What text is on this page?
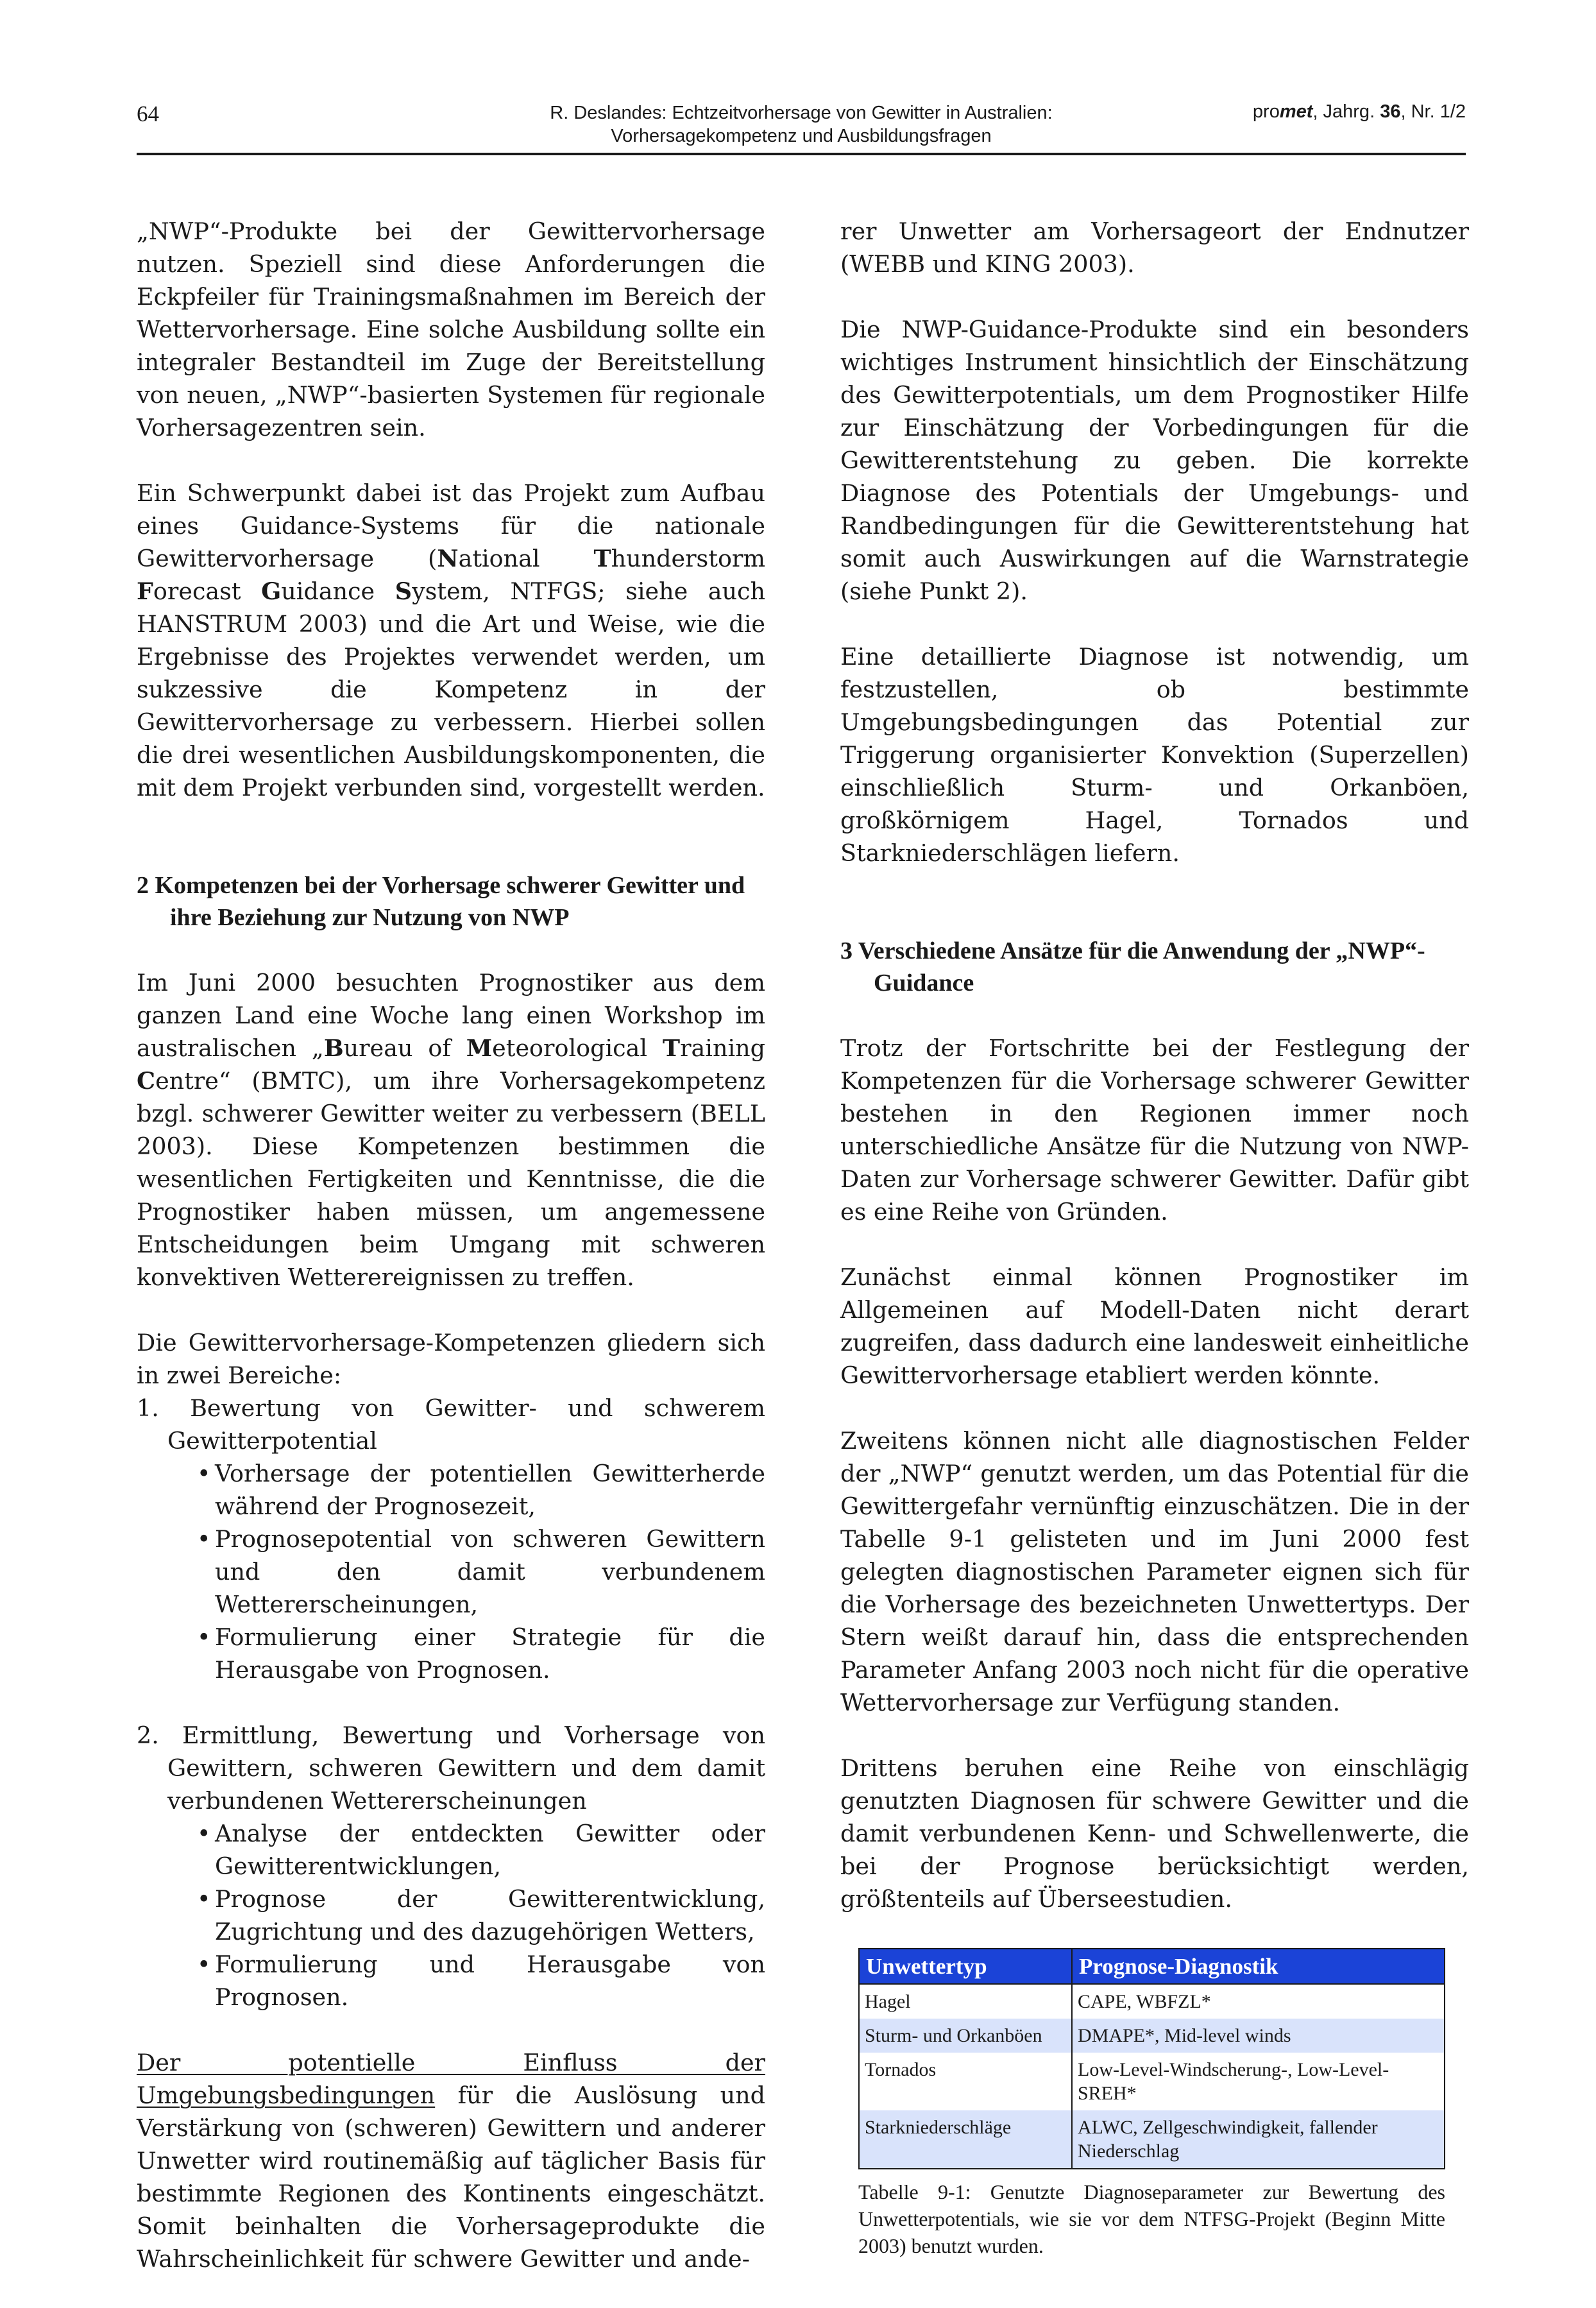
64	R. Deslandes: Echtzeitvorhersage von Gewitter in Australien:
Vorhersagekompetenz und Ausbildungsfragen
promet, Jahrg. 36, Nr. 1/2

„NWP“-Produkte bei der Gewittervorhersage nutzen. Speziell sind diese Anforderungen die Eckpfeiler für Trainingsmaßnahmen im Bereich der Wettervorhersage. Eine solche Ausbildung sollte ein integraler Bestandteil im Zuge der Bereitstellung von neuen, „NWP“-basierten Systemen für regionale Vorhersagezentren sein.

Ein Schwerpunkt dabei ist das Projekt zum Aufbau eines Guidance-Systems für die nationale Gewittervorhersage (National Thunderstorm Forecast Guidance System, NTFGS; siehe auch HANSTRUM 2003) und die Art und Weise, wie die Ergebnisse des Projektes verwendet werden, um sukzessive die Kompetenz in der Gewittervorhersage zu verbessern. Hierbei sollen die drei wesentlichen Ausbildungskomponenten, die mit dem Projekt verbunden sind, vorgestellt werden.

2 Kompetenzen bei der Vorhersage schwerer Gewitter und ihre Beziehung zur Nutzung von NWP

Im Juni 2000 besuchten Prognostiker aus dem ganzen Land eine Woche lang einen Workshop im australischen „Bureau of Meteorological Training Centre“ (BMTC), um ihre Vorhersagekompetenz bzgl. schwerer Gewitter weiter zu verbessern (BELL 2003). Diese Kompetenzen bestimmen die wesentlichen Fertigkeiten und Kenntnisse, die die Prognostiker haben müssen, um angemessene Entscheidungen beim Umgang mit schweren konvektiven Wetterereignissen zu treffen.

Die Gewittervorhersage-Kompetenzen gliedern sich in zwei Bereiche:

1. Bewertung von Gewitter- und schwerem Gewitterpotential
• Vorhersage der potentiellen Gewitterherde während der Prognosezeit,
• Prognosepotential von schweren Gewittern und den damit verbundenem Wettererscheinungen,
• Formulierung einer Strategie für die Herausgabe von Prognosen.
2. Ermittlung, Bewertung und Vorhersage von Gewittern, schweren Gewittern und dem damit verbundenen Wettererscheinungen
• Analyse der entdeckten Gewitter oder Gewitterentwicklungen,
• Prognose der Gewitterentwicklung, Zugrichtung und des dazugehörigen Wetters,
• Formulierung und Herausgabe von Prognosen.

Der potentielle Einfluss der Umgebungsbedingungen für die Auslösung und Verstärkung von (schweren) Gewittern und anderer Unwetter wird routinemäßig auf täglicher Basis für bestimmte Regionen des Kontinents eingeschätzt. Somit beinhalten die Vorhersageprodukte die Wahrscheinlichkeit für schwere Gewitter und ande-

rer Unwetter am Vorhersageort der Endnutzer (WEBB und KING 2003).

Die NWP-Guidance-Produkte sind ein besonders wichtiges Instrument hinsichtlich der Einschätzung des Gewitterpotentials, um dem Prognostiker Hilfe zur Einschätzung der Vorbedingungen für die Gewitterentstehung zu geben. Die korrekte Diagnose des Potentials der Umgebungs- und Randbedingungen für die Gewitterentstehung hat somit auch Auswirkungen auf die Warnstrategie (siehe Punkt 2).

Eine detaillierte Diagnose ist notwendig, um festzustellen, ob bestimmte Umgebungsbedingungen das Potential zur Triggerung organisierter Konvektion (Superzellen) einschließlich Sturm- und Orkanböen, großkörnigem Hagel, Tornados und Starkniederschlägen liefern.

3 Verschiedene Ansätze für die Anwendung der „NWP“-Guidance

Trotz der Fortschritte bei der Festlegung der Kompetenzen für die Vorhersage schwerer Gewitter bestehen in den Regionen immer noch unterschiedliche Ansätze für die Nutzung von NWP-Daten zur Vorhersage schwerer Gewitter. Dafür gibt es eine Reihe von Gründen.

Zunächst einmal können Prognostiker im Allgemeinen auf Modell-Daten nicht derart zugreifen, dass dadurch eine landesweit einheitliche Gewittervorhersage etabliert werden könnte.

Zweitens können nicht alle diagnostischen Felder der „NWP“ genutzt werden, um das Potential für die Gewittergefahr vernünftig einzuschätzen. Die in der Tabelle 9-1 gelisteten und im Juni 2000 fest gelegten diagnostischen Parameter eignen sich für die Vorhersage des bezeichneten Unwettertyps. Der Stern weißt darauf hin, dass die entsprechenden Parameter Anfang 2003 noch nicht für die operative Wettervorhersage zur Verfügung standen.

Drittens beruhen eine Reihe von einschlägig genutzten Diagnosen für schwere Gewitter und die damit verbundenen Kenn- und Schwellenwerte, die bei der Prognose berücksichtigt werden, größtenteils auf Überseestudien.

Unwettertyp	Prognose-Diagnostik
Hagel	CAPE, WBFZL*
Sturm- und Orkanböen	DMAPE*, Mid-level winds
Tornados	Low-Level-Windscherung-, Low-Level-SREH*
Starkniederschläge	ALWC, Zellgeschwindigkeit, fallender Niederschlag
Tabelle 9-1: Genutzte Diagnoseparameter zur Bewertung des Unwetterpotentials, wie sie vor dem NTFSG-Projekt (Beginn Mitte 2003) benutzt wurden.
